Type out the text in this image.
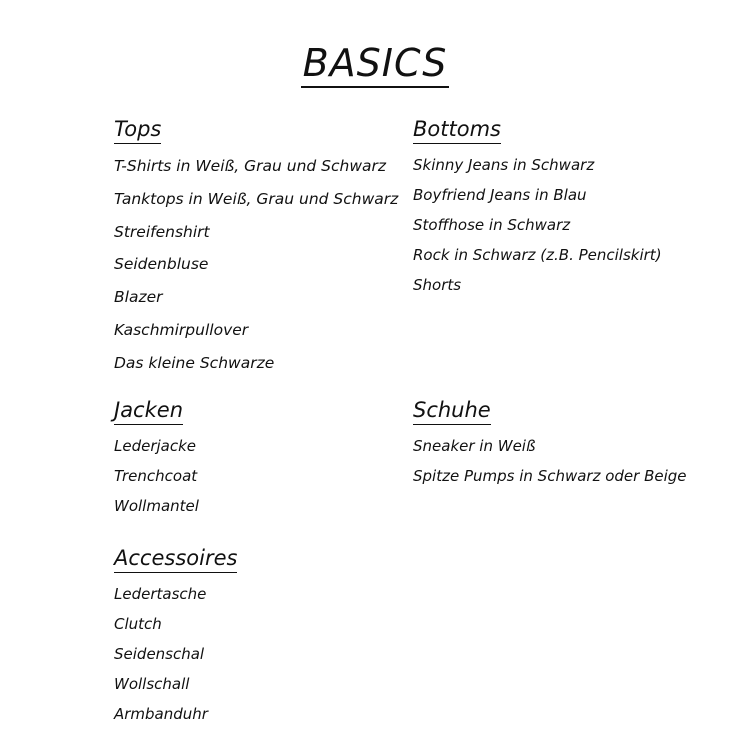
BASICS
Tops
T-Shirts in Weiß, Grau und Schwarz
Tanktops in Weiß, Grau und Schwarz
Streifenshirt
Seidenbluse
Blazer
Kaschmirpullover
Das kleine Schwarze
Bottoms
Skinny Jeans in Schwarz
Boyfriend Jeans in Blau
Stoffhose in Schwarz
Rock in Schwarz (z.B. Pencilskirt)
Shorts
Jacken
Lederjacke
Trenchcoat
Wollmantel
Schuhe
Sneaker in Weiß
Spitze Pumps in Schwarz oder Beige
Accessoires
Ledertasche
Clutch
Seidenschal
Wollschall
Armbanduhr
